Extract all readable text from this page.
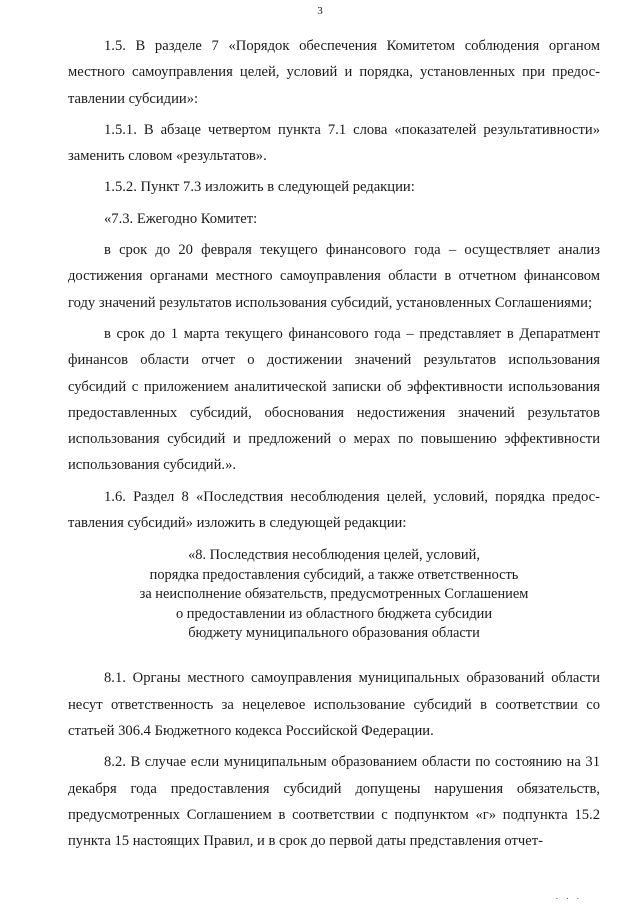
3

1.5. В разделе 7 «Порядок обеспечения Комитетом соблюдения органом местного самоуправления целей, условий и порядка, установленных при предоставлении субсидии»:

1.5.1. В абзаце четвертом пункта 7.1 слова «показателей результативности» заменить словом «результатов».

1.5.2. Пункт 7.3 изложить в следующей редакции:

«7.3. Ежегодно Комитет:

в срок до 20 февраля текущего финансового года – осуществляет анализ достижения органами местного самоуправления области в отчетном финансовом году значений результатов использования субсидий, установленных Соглашениями;

в срок до 1 марта текущего финансового года – представляет в Депаратмент финансов области отчет о достижении значений результатов использования субсидий с приложением аналитической записки об эффективности использования предоставленных субсидий, обоснования недостижения значений результатов использования субсидий и предложений о мерах по повышению эффективности использования субсидий.».

1.6. Раздел 8 «Последствия несоблюдения целей, условий, порядка предоставления субсидий» изложить в следующей редакции:

«8. Последствия несоблюдения целей, условий,
порядка предоставления субсидий, а также ответственность
за неисполнение обязательств, предусмотренных Соглашением
о предоставлении из областного бюджета субсидии
бюджету муниципального образования области

8.1. Органы местного самоуправления муниципальных образований области несут ответственность за нецелевое использование субсидий в соответствии со статьей 306.4 Бюджетного кодекса Российской Федерации.

8.2. В случае если муниципальным образованием области по состоянию на 31 декабря года предоставления субсидий допущены нарушения обязательств, предусмотренных Соглашением в соответствии с подпунктом «г» подпункта 15.2 пункта 15 настоящих Правил, и в срок до первой даты представления отчет-

. . .
